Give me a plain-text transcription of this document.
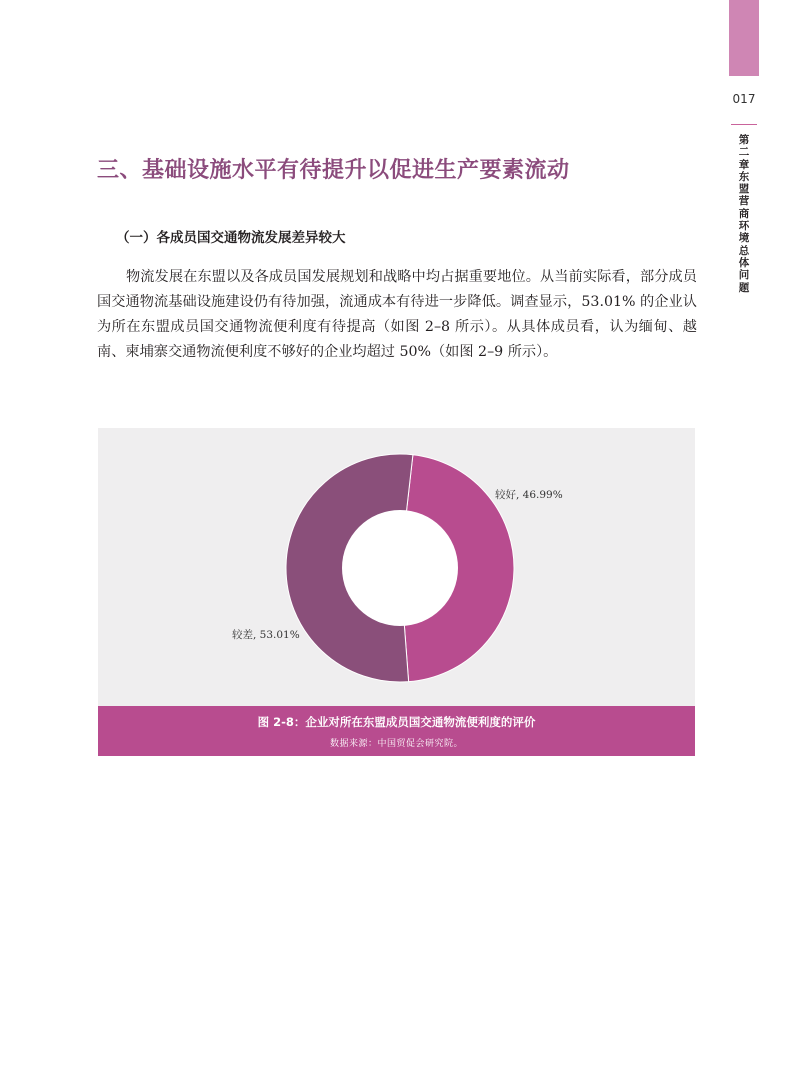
017
第二章 东盟营商环境总体问题
三、基础设施水平有待提升以促进生产要素流动
（一）各成员国交通物流发展差异较大

物流发展在东盟以及各成员国发展规划和战略中均占据重要地位。从当前实际看，部分成员国交通物流基础设施建设仍有待加强，流通成本有待进一步降低。调查显示，53.01% 的企业认为所在东盟成员国交通物流便利度有待提高（如图 2–8 所示）。从具体成员看，认为缅甸、越南、柬埔寨交通物流便利度不够好的企业均超过 50%（如图 2–9 所示）。

较好, 46.99%
较差, 53.01%
图 2-8：企业对所在东盟成员国交通物流便利度的评价
数据来源：中国贸促会研究院。
